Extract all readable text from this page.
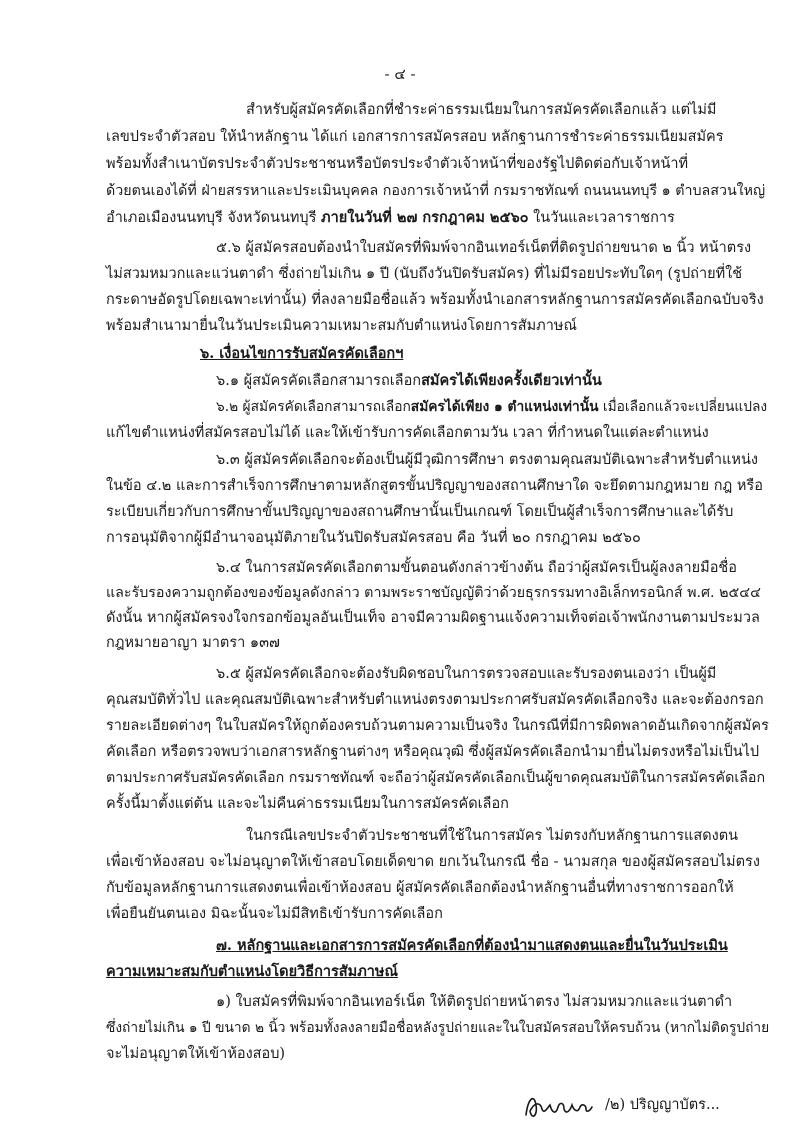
- ๔ -
สำหรับผู้สมัครคัดเลือกที่ชำระค่าธรรมเนียมในการสมัครคัดเลือกแล้ว แต่ไม่มี
เลขประจำตัวสอบ ให้นำหลักฐาน ได้แก่ เอกสารการสมัครสอบ หลักฐานการชำระค่าธรรมเนียมสมัคร
พร้อมทั้งสำเนาบัตรประจำตัวประชาชนหรือบัตรประจำตัวเจ้าหน้าที่ของรัฐไปติดต่อกับเจ้าหน้าที่
ด้วยตนเองได้ที่ ฝ่ายสรรหาและประเมินบุคคล กองการเจ้าหน้าที่ กรมราชทัณฑ์ ถนนนนทบุรี ๑ ตำบลสวนใหญ่
อำเภอเมืองนนทบุรี จังหวัดนนทบุรี ภายในวันที่ ๒๗ กรกฎาคม ๒๕๖๐ ในวันและเวลาราชการ
๕.๖ ผู้สมัครสอบต้องนำใบสมัครที่พิมพ์จากอินเทอร์เน็ตที่ติดรูปถ่ายขนาด ๒ นิ้ว หน้าตรง
ไม่สวมหมวกและแว่นตาดำ ซึ่งถ่ายไม่เกิน ๑ ปี (นับถึงวันปิดรับสมัคร) ที่ไม่มีรอยประทับใดๆ (รูปถ่ายที่ใช้
กระดาษอัดรูปโดยเฉพาะเท่านั้น) ที่ลงลายมือชื่อแล้ว พร้อมทั้งนำเอกสารหลักฐานการสมัครคัดเลือกฉบับจริง
พร้อมสำเนามายื่นในวันประเมินความเหมาะสมกับตำแหน่งโดยการสัมภาษณ์
๖. เงื่อนไขการรับสมัครคัดเลือกฯ
๖.๑ ผู้สมัครคัดเลือกสามารถเลือกสมัครได้เพียงครั้งเดียวเท่านั้น
๖.๒ ผู้สมัครคัดเลือกสามารถเลือกสมัครได้เพียง ๑ ตำแหน่งเท่านั้น เมื่อเลือกแล้วจะเปลี่ยนแปลง
แก้ไขตำแหน่งที่สมัครสอบไม่ได้ และให้เข้ารับการคัดเลือกตามวัน เวลา ที่กำหนดในแต่ละตำแหน่ง
๖.๓ ผู้สมัครคัดเลือกจะต้องเป็นผู้มีวุฒิการศึกษา ตรงตามคุณสมบัติเฉพาะสำหรับตำแหน่ง
ในข้อ ๔.๒ และการสำเร็จการศึกษาตามหลักสูตรขั้นปริญญาของสถานศึกษาใด จะยึดตามกฎหมาย กฎ หรือ
ระเบียบเกี่ยวกับการศึกษาขั้นปริญญาของสถานศึกษานั้นเป็นเกณฑ์ โดยเป็นผู้สำเร็จการศึกษาและได้รับ
การอนุมัติจากผู้มีอำนาจอนุมัติภายในวันปิดรับสมัครสอบ คือ วันที่ ๒๐ กรกฎาคม ๒๕๖๐
๖.๔ ในการสมัครคัดเลือกตามขั้นตอนดังกล่าวข้างต้น ถือว่าผู้สมัครเป็นผู้ลงลายมือชื่อ
และรับรองความถูกต้องของข้อมูลดังกล่าว ตามพระราชบัญญัติว่าด้วยธุรกรรมทางอิเล็กทรอนิกส์ พ.ศ. ๒๕๔๔
ดังนั้น หากผู้สมัครจงใจกรอกข้อมูลอันเป็นเท็จ อาจมีความผิดฐานแจ้งความเท็จต่อเจ้าพนักงานตามประมวล
กฎหมายอาญา มาตรา ๑๓๗
๖.๕ ผู้สมัครคัดเลือกจะต้องรับผิดชอบในการตรวจสอบและรับรองตนเองว่า เป็นผู้มี
คุณสมบัติทั่วไป และคุณสมบัติเฉพาะสำหรับตำแหน่งตรงตามประกาศรับสมัครคัดเลือกจริง และจะต้องกรอก
รายละเอียดต่างๆ ในใบสมัครให้ถูกต้องครบถ้วนตามความเป็นจริง ในกรณีที่มีการผิดพลาดอันเกิดจากผู้สมัคร
คัดเลือก หรือตรวจพบว่าเอกสารหลักฐานต่างๆ หรือคุณวุฒิ ซึ่งผู้สมัครคัดเลือกนำมายื่นไม่ตรงหรือไม่เป็นไป
ตามประกาศรับสมัครคัดเลือก กรมราชทัณฑ์ จะถือว่าผู้สมัครคัดเลือกเป็นผู้ขาดคุณสมบัติในการสมัครคัดเลือก
ครั้งนี้มาตั้งแต่ต้น และจะไม่คืนค่าธรรมเนียมในการสมัครคัดเลือก
ในกรณีเลขประจำตัวประชาชนที่ใช้ในการสมัคร ไม่ตรงกับหลักฐานการแสดงตน
เพื่อเข้าห้องสอบ จะไม่อนุญาตให้เข้าสอบโดยเด็ดขาด ยกเว้นในกรณี ชื่อ - นามสกุล ของผู้สมัครสอบไม่ตรง
กับข้อมูลหลักฐานการแสดงตนเพื่อเข้าห้องสอบ ผู้สมัครคัดเลือกต้องนำหลักฐานอื่นที่ทางราชการออกให้
เพื่อยืนยันตนเอง มิฉะนั้นจะไม่มีสิทธิเข้ารับการคัดเลือก
๗. หลักฐานและเอกสารการสมัครคัดเลือกที่ต้องนำมาแสดงตนและยื่นในวันประเมิน
ความเหมาะสมกับตำแหน่งโดยวิธีการสัมภาษณ์
๑) ใบสมัครที่พิมพ์จากอินเทอร์เน็ต ให้ติดรูปถ่ายหน้าตรง ไม่สวมหมวกและแว่นตาดำ
ซึ่งถ่ายไม่เกิน ๑ ปี ขนาด ๒ นิ้ว พร้อมทั้งลงลายมือชื่อหลังรูปถ่ายและในใบสมัครสอบให้ครบถ้วน (หากไม่ติดรูปถ่าย
จะไม่อนุญาตให้เข้าห้องสอบ)
/๒) ปริญญาบัตร...
